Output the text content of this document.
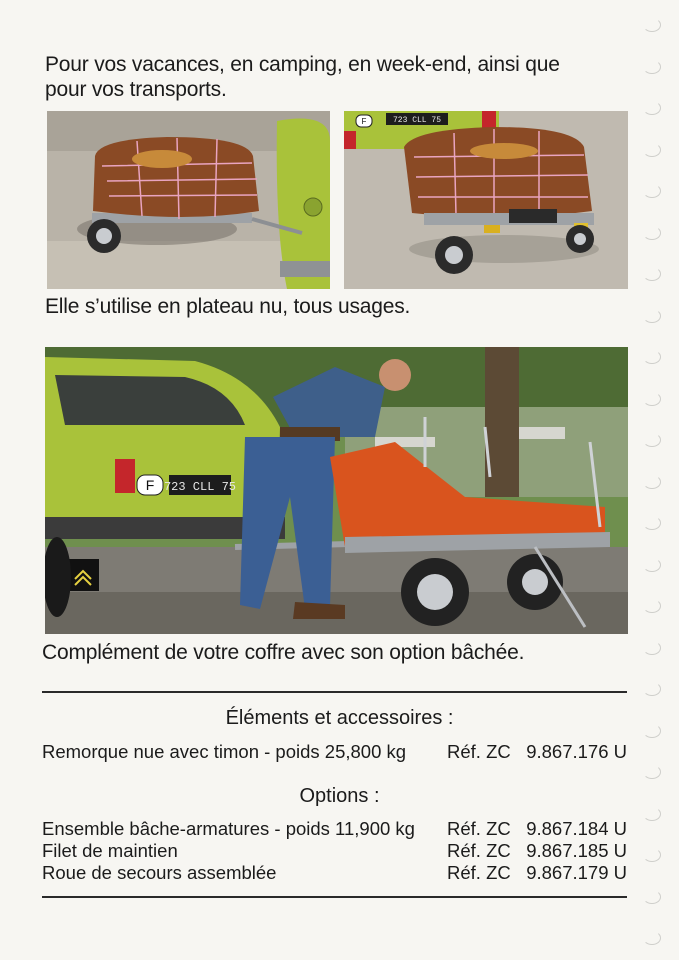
Pour vos vacances, en camping, en week-end, ainsi que
pour vos transports.
F	723 CLL 75
Elle s’utilise en plateau nu, tous usages.
F 723 CLL 75
Complément de votre coffre avec son option bâchée.
Éléments et accessoires :
Remorque nue avec timon - poids 25,800 kg Réf. ZC 9.867.176 U
Options :
Ensemble bâche-armatures - poids 11,900 kg Réf. ZC 9.867.184 U
Filet de maintien	Réf. ZC 9.867.185 U
Roue de secours assemblée	Réf. ZC 9.867.179 U
